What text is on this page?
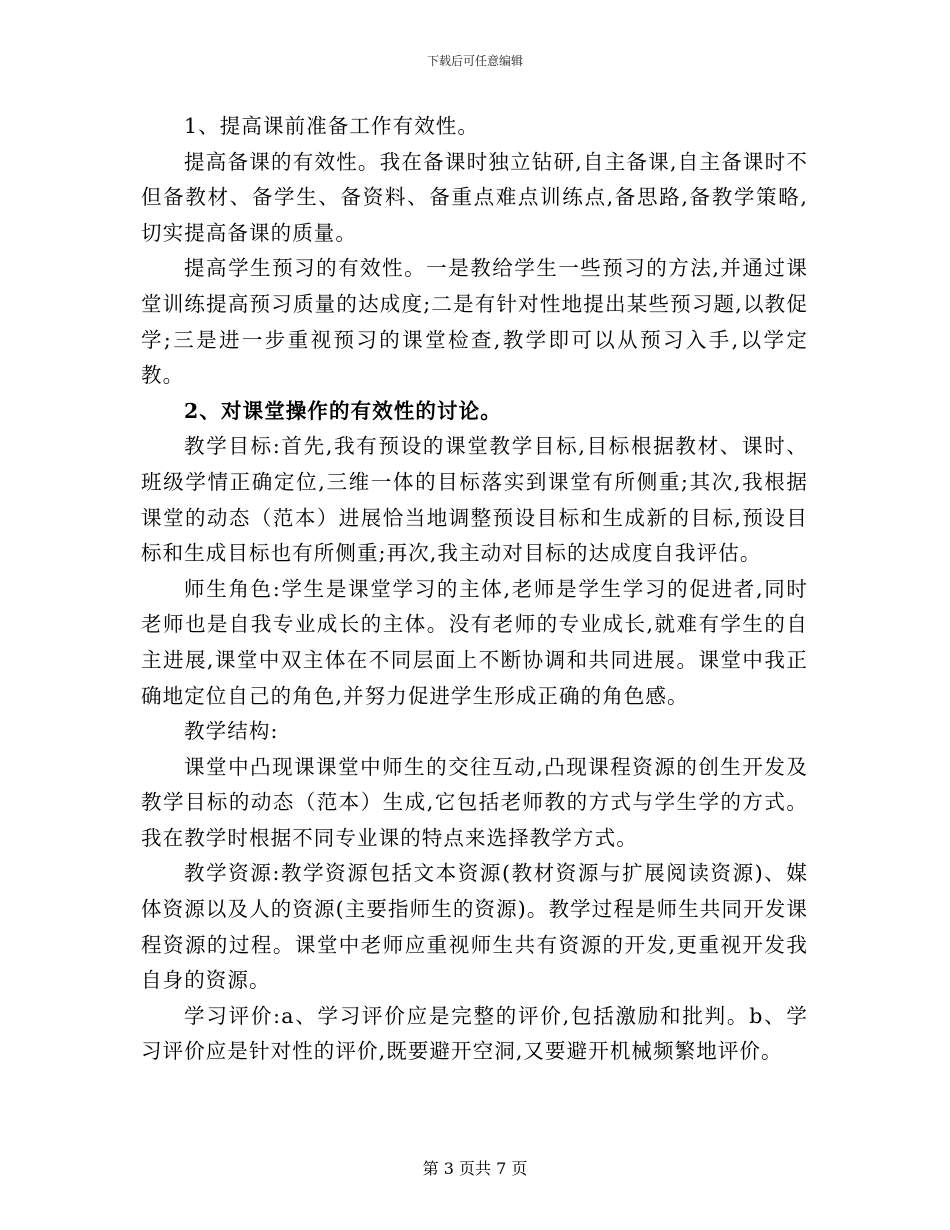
下载后可任意编辑

1、提高课前准备工作有效性。

提高备课的有效性。我在备课时独立钻研,自主备课,自主备课时不但备教材、备学生、备资料、备重点难点训练点,备思路,备教学策略,切实提高备课的质量。

提高学生预习的有效性。一是教给学生一些预习的方法,并通过课堂训练提高预习质量的达成度;二是有针对性地提出某些预习题,以教促学;三是进一步重视预习的课堂检查,教学即可以从预习入手,以学定教。

2、对课堂操作的有效性的讨论。

教学目标:首先,我有预设的课堂教学目标,目标根据教材、课时、班级学情正确定位,三维一体的目标落实到课堂有所侧重;其次,我根据课堂的动态（范本）进展恰当地调整预设目标和生成新的目标,预设目标和生成目标也有所侧重;再次,我主动对目标的达成度自我评估。

师生角色:学生是课堂学习的主体,老师是学生学习的促进者,同时老师也是自我专业成长的主体。没有老师的专业成长,就难有学生的自主进展,课堂中双主体在不同层面上不断协调和共同进展。课堂中我正确地定位自己的角色,并努力促进学生形成正确的角色感。

教学结构:

课堂中凸现课课堂中师生的交往互动,凸现课程资源的创生开发及教学目标的动态（范本）生成,它包括老师教的方式与学生学的方式。我在教学时根据不同专业课的特点来选择教学方式。

教学资源:教学资源包括文本资源(教材资源与扩展阅读资源)、媒体资源以及人的资源(主要指师生的资源)。教学过程是师生共同开发课程资源的过程。课堂中老师应重视师生共有资源的开发,更重视开发我自身的资源。

学习评价:a、学习评价应是完整的评价,包括激励和批判。b、学习评价应是针对性的评价,既要避开空洞,又要避开机械频繁地评价。

第 3 页共 7 页
